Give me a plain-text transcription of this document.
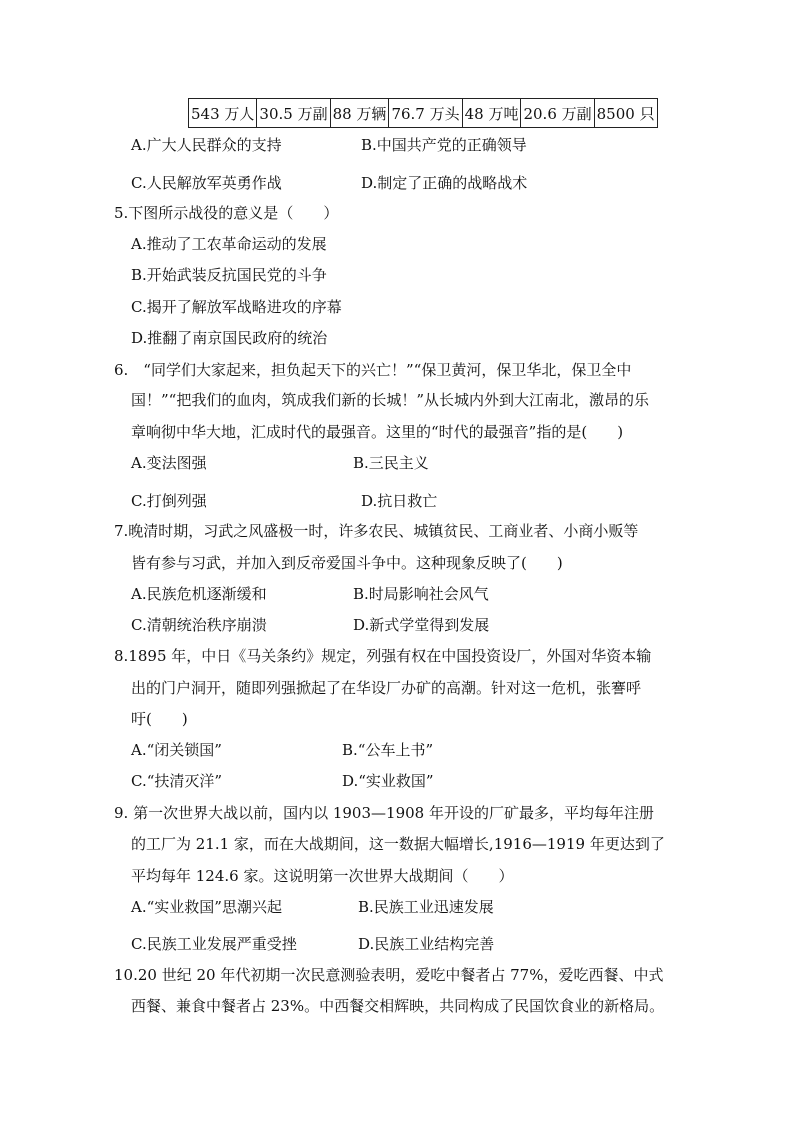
543 万人	30.5 万副	88 万辆	76.7 万头	48 万吨	20.6 万副	8500 只
A.广大人民群众的支持	B.中国共产党的正确领导
C.人民解放军英勇作战	D.制定了正确的战略战术
5.下图所示战役的意义是（　　）
A.推动了工农革命运动的发展
B.开始武装反抗国民党的斗争
C.揭开了解放军战略进攻的序幕
D.推翻了南京国民政府的统治
6.　“同学们大家起来，担负起天下的兴亡！”“保卫黄河，保卫华北，保卫全中
国！”“把我们的血肉，筑成我们新的长城！”从长城内外到大江南北，激昂的乐
章响彻中华大地，汇成时代的最强音。这里的“时代的最强音”指的是(　　)
A.变法图强	B.三民主义
C.打倒列强	D.抗日救亡
7.晚清时期，习武之风盛极一时，许多农民、城镇贫民、工商业者、小商小贩等
皆有参与习武，并加入到反帝爱国斗争中。这种现象反映了(　　)
A.民族危机逐渐缓和	B.时局影响社会风气
C.清朝统治秩序崩溃	D.新式学堂得到发展
8.1895 年，中日《马关条约》规定，列强有权在中国投资设厂，外国对华资本输
出的门户洞开，随即列强掀起了在华设厂办矿的高潮。针对这一危机，张謇呼
吁(　　)
A.“闭关锁国”	B.“公车上书”
C.“扶清灭洋”	D.“实业救国”
9. 第一次世界大战以前，国内以 1903—1908 年开设的厂矿最多，平均每年注册
的工厂为 21.1 家，而在大战期间，这一数据大幅增长,1916—1919 年更达到了
平均每年 124.6 家。这说明第一次世界大战期间（　　）
A.“实业救国”思潮兴起	B.民族工业迅速发展
C.民族工业发展严重受挫	D.民族工业结构完善
10.20 世纪 20 年代初期一次民意测验表明，爱吃中餐者占 77%，爱吃西餐、中式
西餐、兼食中餐者占 23%。中西餐交相辉映，共同构成了民国饮食业的新格局。
